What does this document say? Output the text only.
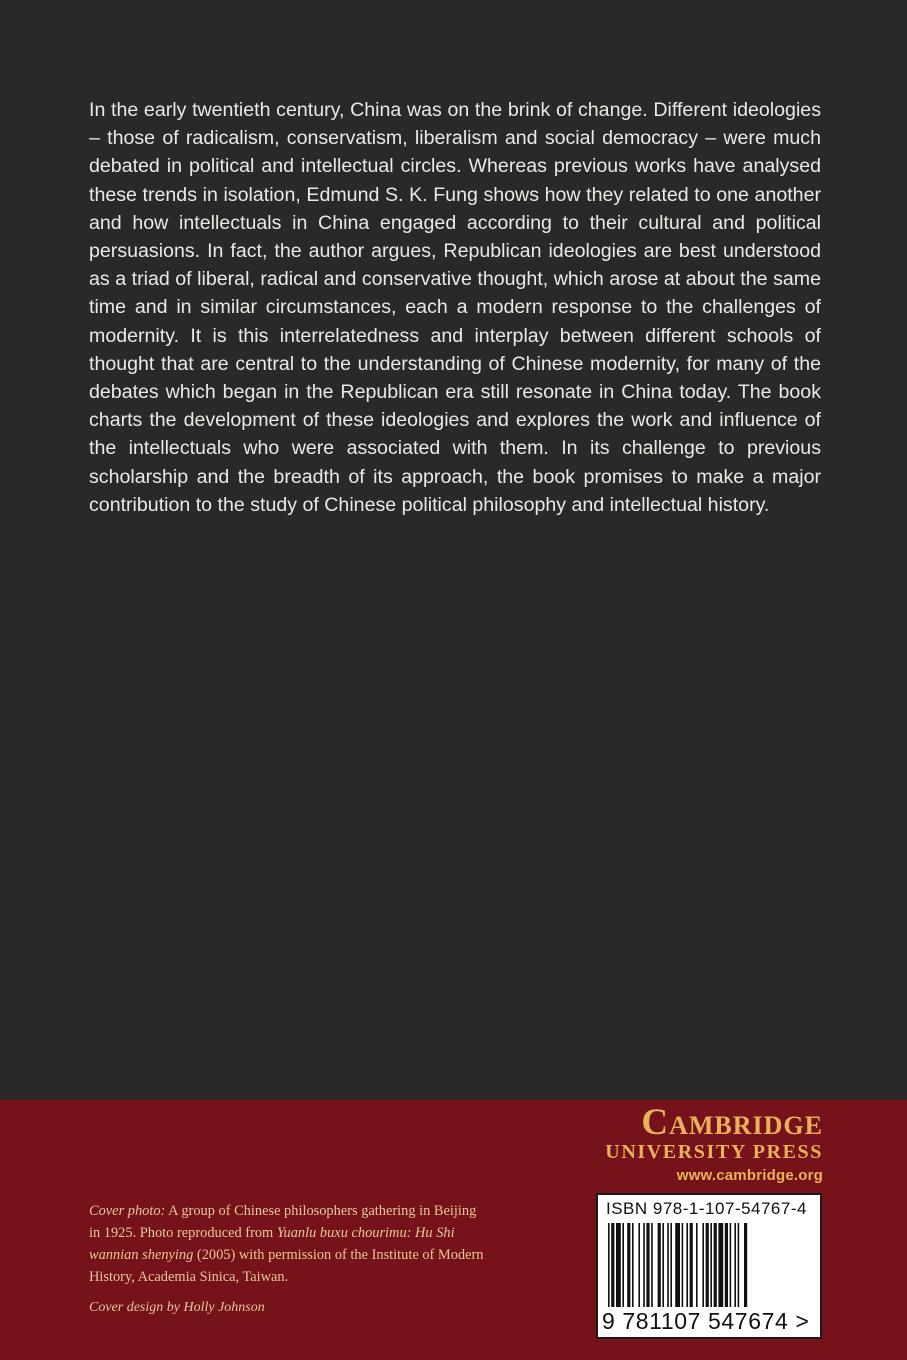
In the early twentieth century, China was on the brink of change. Different ideologies – those of radicalism, conservatism, liberalism and social democracy – were much debated in political and intellectual circles. Whereas previous works have analysed these trends in isolation, Edmund S. K. Fung shows how they related to one another and how intellectuals in China engaged according to their cultural and political persuasions. In fact, the author argues, Republican ideologies are best understood as a triad of liberal, radical and conservative thought, which arose at about the same time and in similar circumstances, each a modern response to the challenges of modernity. It is this interrelatedness and interplay between different schools of thought that are central to the understanding of Chinese modernity, for many of the debates which began in the Republican era still resonate in China today. The book charts the development of these ideologies and explores the work and influence of the intellectuals who were associated with them. In its challenge to previous scholarship and the breadth of its approach, the book promises to make a major contribution to the study of Chinese political philosophy and intellectual history.

Cambridge
UNIVERSITY PRESS
www.cambridge.org
Cover photo: A group of Chinese philosophers gathering in Beijing in 1925. Photo reproduced from Yuanlu buxu chourimu: Hu Shi wannian shenying (2005) with permission of the Institute of Modern History, Academia Sinica, Taiwan.
Cover design by Holly Johnson
ISBN 978-1-107-54767-4
9 781107 547674 >
